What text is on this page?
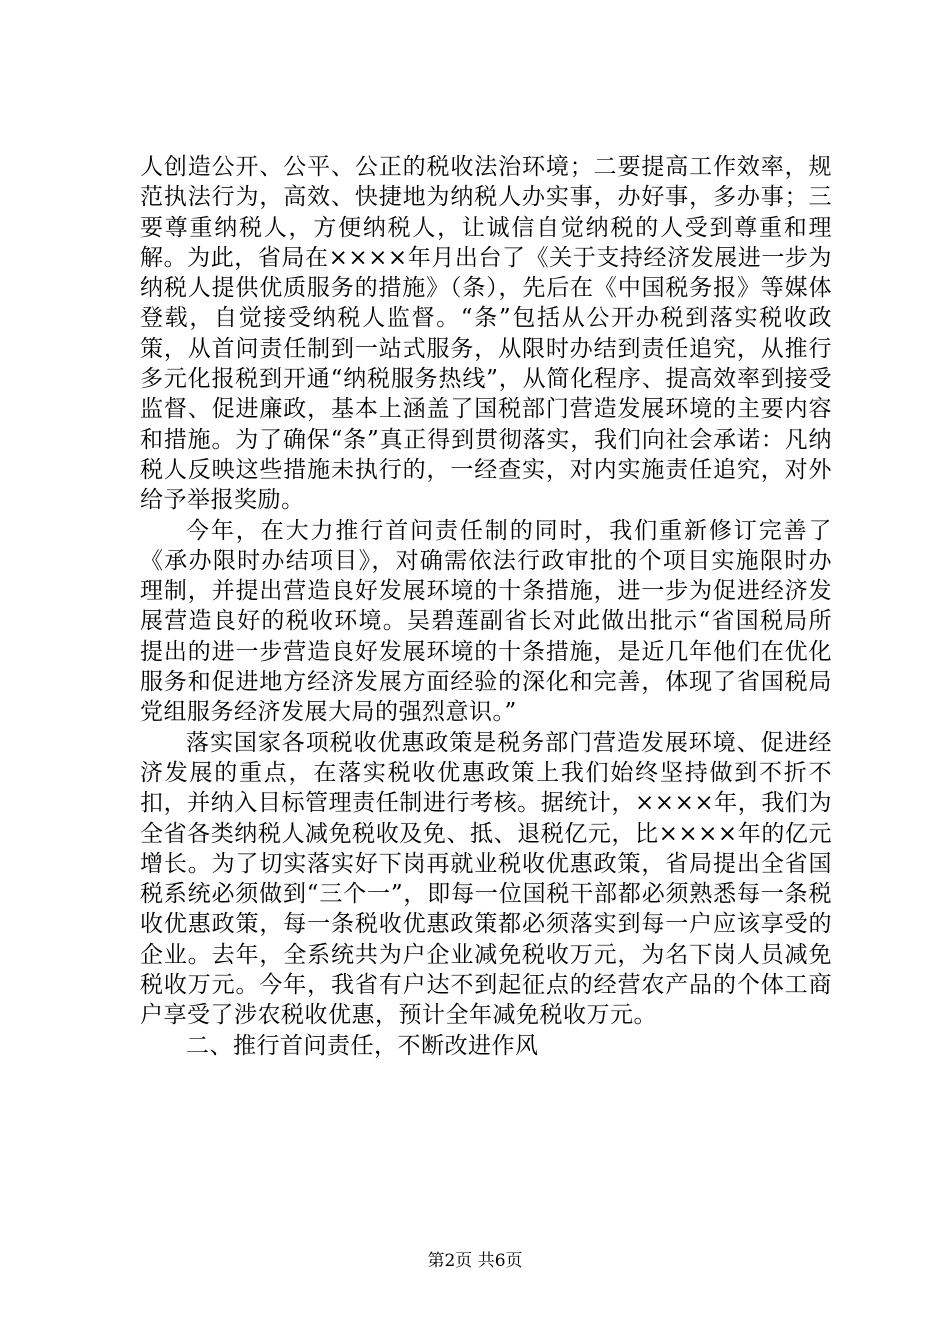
人创造公开、公平、公正的税收法治环境；二要提高工作效率，规范执法行为，高效、快捷地为纳税人办实事，办好事，多办事；三要尊重纳税人，方便纳税人，让诚信自觉纳税的人受到尊重和理解。为此，省局在××××年月出台了《关于支持经济发展进一步为纳税人提供优质服务的措施》（条），先后在《中国税务报》等媒体登载，自觉接受纳税人监督。“条”包括从公开办税到落实税收政策，从首问责任制到一站式服务，从限时办结到责任追究，从推行多元化报税到开通“纳税服务热线”，从简化程序、提高效率到接受监督、促进廉政，基本上涵盖了国税部门营造发展环境的主要内容和措施。为了确保“条”真正得到贯彻落实，我们向社会承诺：凡纳税人反映这些措施未执行的，一经查实，对内实施责任追究，对外给予举报奖励。

今年，在大力推行首问责任制的同时，我们重新修订完善了《承办限时办结项目》，对确需依法行政审批的个项目实施限时办理制，并提出营造良好发展环境的十条措施，进一步为促进经济发展营造良好的税收环境。吴碧莲副省长对此做出批示“省国税局所提出的进一步营造良好发展环境的十条措施，是近几年他们在优化服务和促进地方经济发展方面经验的深化和完善，体现了省国税局党组服务经济发展大局的强烈意识。”

落实国家各项税收优惠政策是税务部门营造发展环境、促进经济发展的重点，在落实税收优惠政策上我们始终坚持做到不折不扣，并纳入目标管理责任制进行考核。据统计，××××年，我们为全省各类纳税人减免税收及免、抵、退税亿元，比××××年的亿元增长。为了切实落实好下岗再就业税收优惠政策，省局提出全省国税系统必须做到“三个一”，即每一位国税干部都必须熟悉每一条税收优惠政策，每一条税收优惠政策都必须落实到每一户应该享受的企业。去年，全系统共为户企业减免税收万元，为名下岗人员减免税收万元。今年，我省有户达不到起征点的经营农产品的个体工商户享受了涉农税收优惠，预计全年减免税收万元。

二、推行首问责任，不断改进作风

第2页 共6页
